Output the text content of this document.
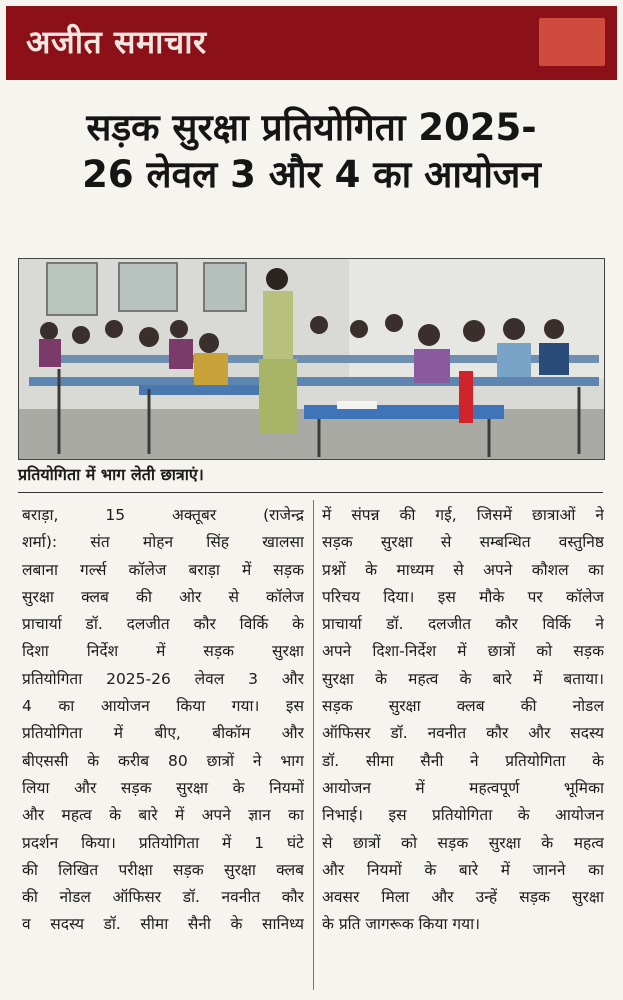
अजीत समाचार
सड़क सुरक्षा प्रतियोगिता 2025-
26 लेवल 3 और 4 का आयोजन
प्रतियोगिता में भाग लेती छात्राएं।
बराड़ा, 15 अक्तूबर (राजेन्द्र
शर्मा): संत मोहन सिंह खालसा
लबाना गर्ल्स कॉलेज बराड़ा में सड़क
सुरक्षा क्लब की ओर से कॉलेज
प्राचार्या डॉ. दलजीत कौर विर्कि के
दिशा निर्देश में सड़क सुरक्षा
प्रतियोगिता 2025-26 लेवल 3 और
4 का आयोजन किया गया। इस
प्रतियोगिता में बीए, बीकॉम और
बीएससी के करीब 80 छात्रों ने भाग
लिया और सड़क सुरक्षा के नियमों
और महत्व के बारे में अपने ज्ञान का
प्रदर्शन किया। प्रतियोगिता में 1 घंटे
की लिखित परीक्षा सड़क सुरक्षा क्लब
की नोडल ऑफिसर डॉ. नवनीत कौर
व सदस्य डॉ. सीमा सैनी के सानिध्य
में संपन्न की गई, जिसमें छात्राओं ने
सड़क सुरक्षा से सम्बन्धित वस्तुनिष्ठ
प्रश्नों के माध्यम से अपने कौशल का
परिचय दिया। इस मौके पर कॉलेज
प्राचार्या डॉ. दलजीत कौर विर्कि ने
अपने दिशा-निर्देश में छात्रों को सड़क
सुरक्षा के महत्व के बारे में बताया।
सड़क सुरक्षा क्लब की नोडल
ऑफिसर डॉ. नवनीत कौर और सदस्य
डॉ. सीमा सैनी ने प्रतियोगिता के
आयोजन में महत्वपूर्ण भूमिका
निभाई। इस प्रतियोगिता के आयोजन
से छात्रों को सड़क सुरक्षा के महत्व
और नियमों के बारे में जानने का
अवसर मिला और उन्हें सड़क सुरक्षा
के प्रति जागरूक किया गया।
